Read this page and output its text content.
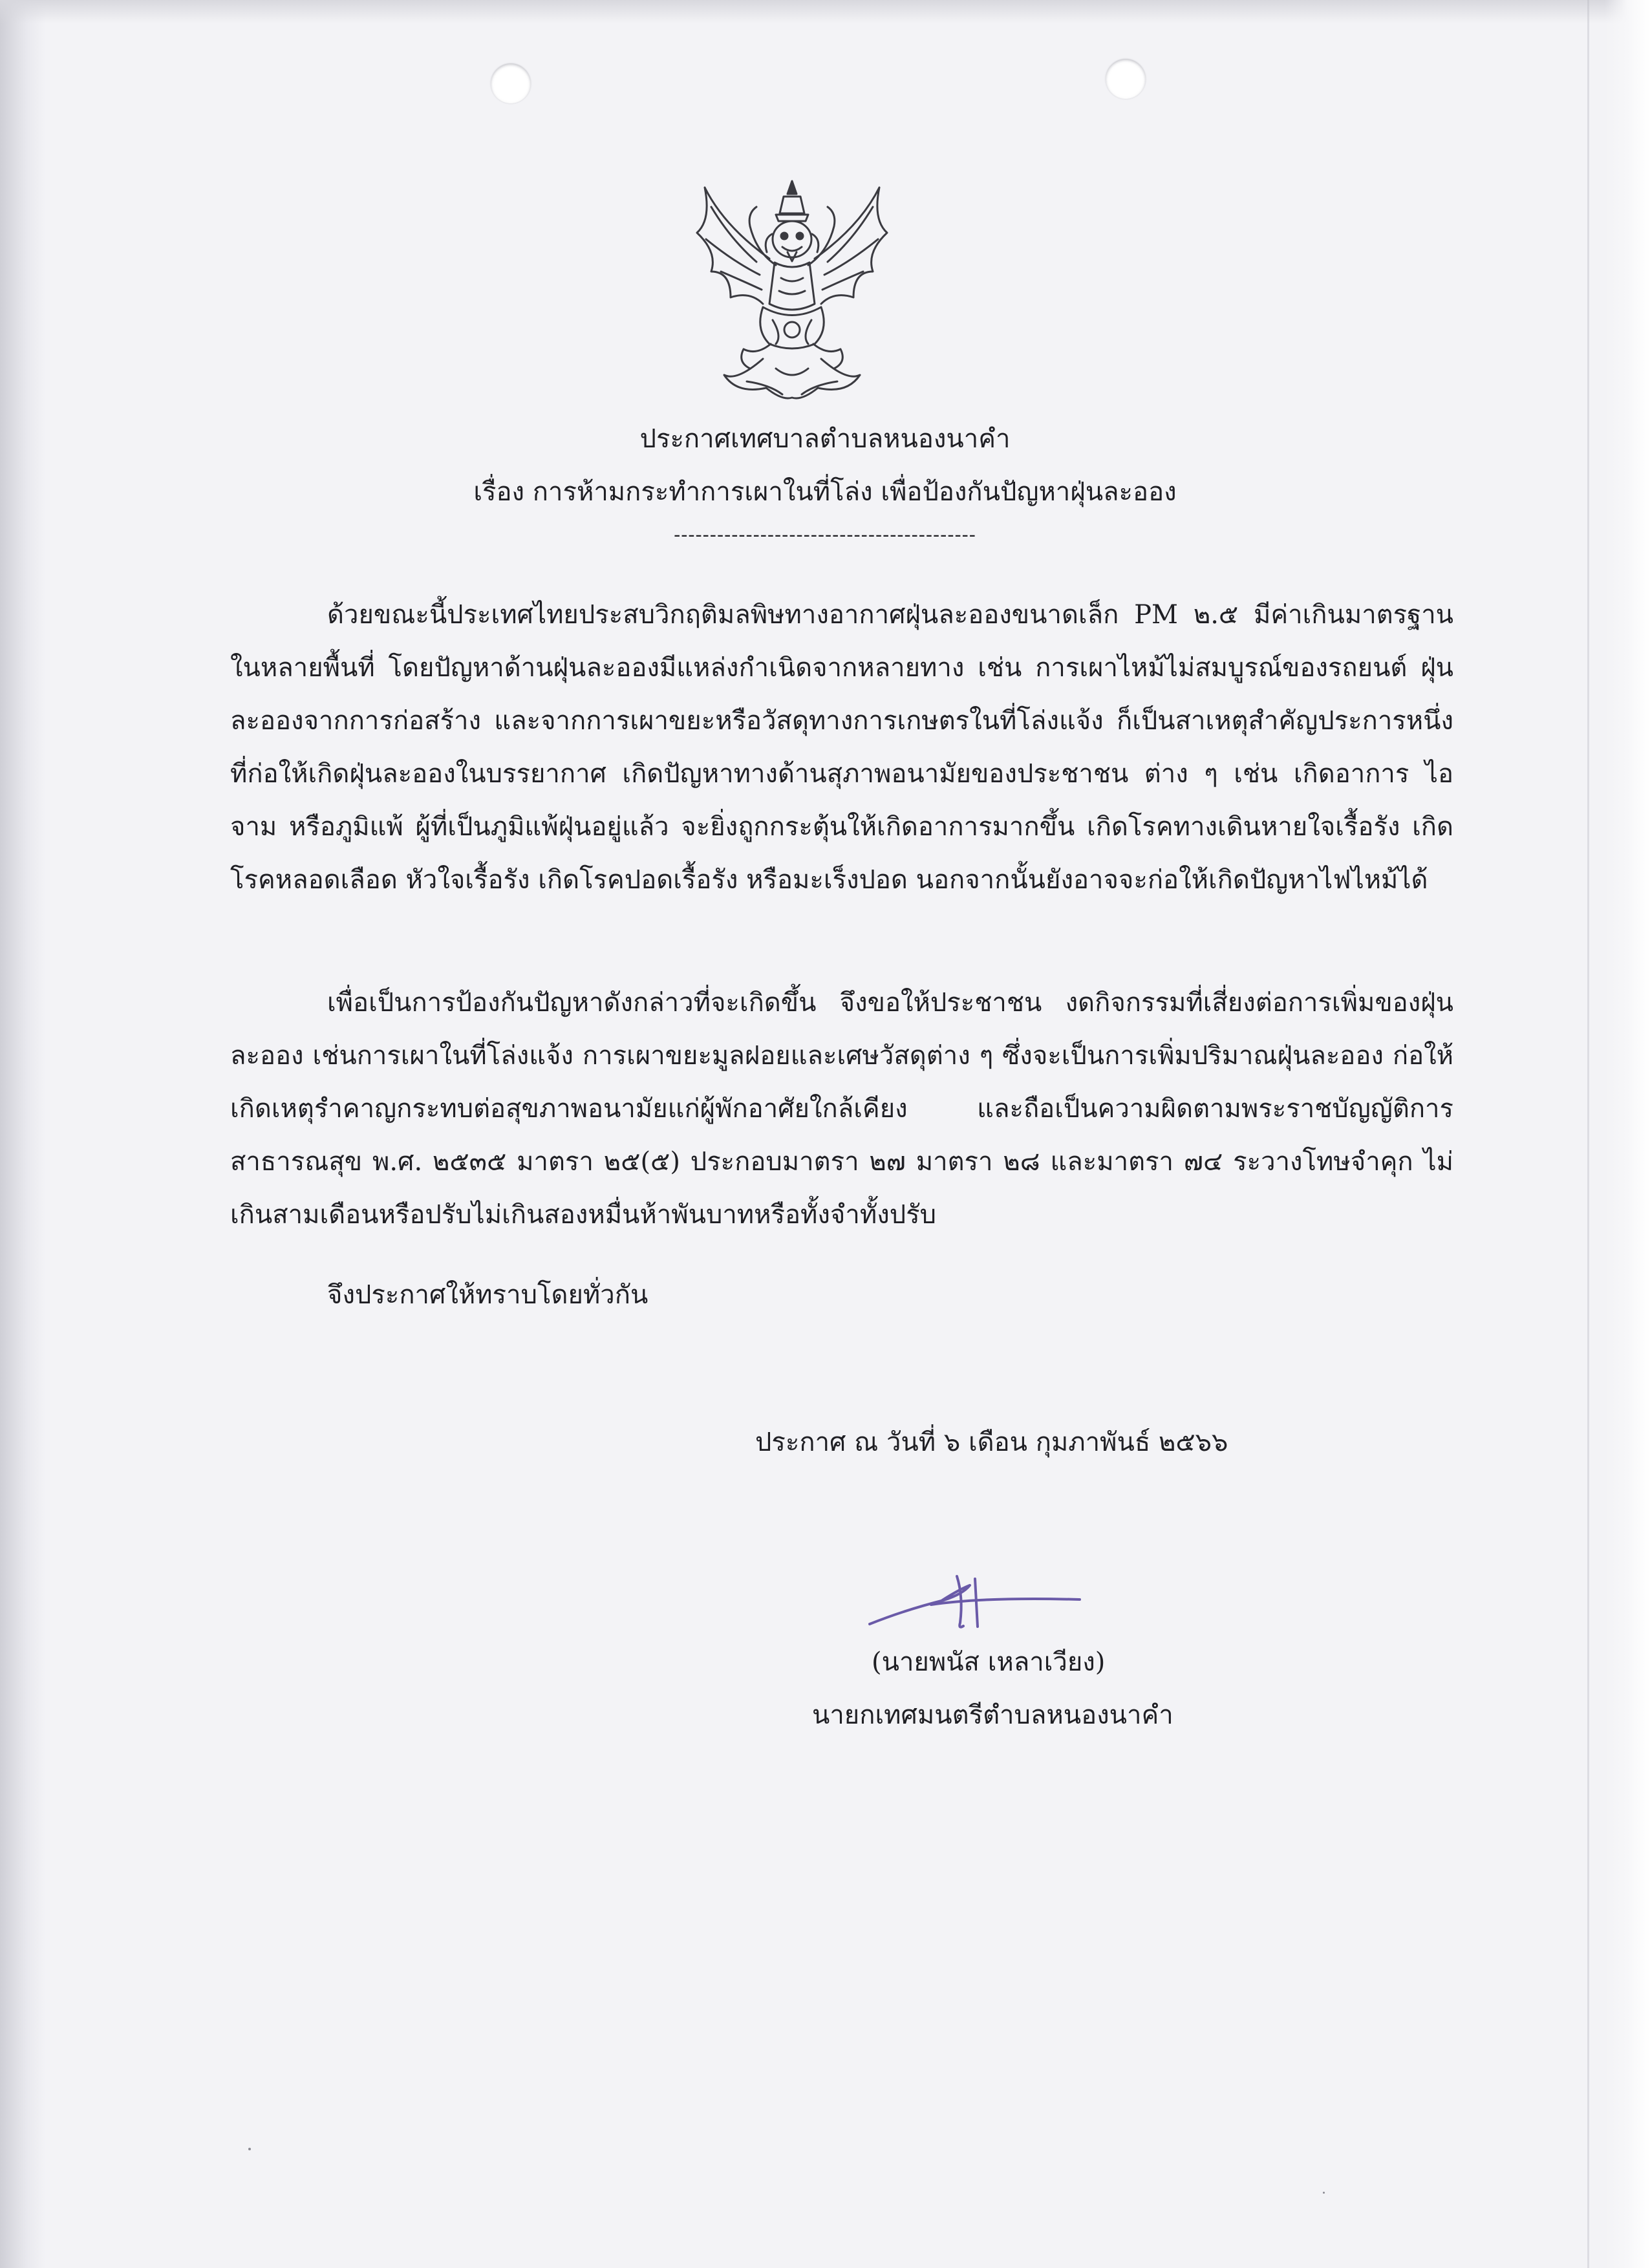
ประกาศเทศบาลตำบลหนองนาคำ
เรื่อง การห้ามกระทำการเผาในที่โล่ง เพื่อป้องกันปัญหาฝุ่นละออง
------------------------------------------
ด้วยขณะนี้ประเทศไทยประสบวิกฤติมลพิษทางอากาศฝุ่นละอองขนาดเล็ก PM ๒.๕ มีค่าเกินมาตรฐาน ในหลายพื้นที่ โดยปัญหาด้านฝุ่นละอองมีแหล่งกำเนิดจากหลายทาง เช่น การเผาไหม้ไม่สมบูรณ์ของรถยนต์ ฝุ่นละอองจากการก่อสร้าง และจากการเผาขยะหรือวัสดุทางการเกษตรในที่โล่งแจ้ง ก็เป็นสาเหตุสำคัญประการหนึ่งที่ก่อให้เกิดฝุ่นละอองในบรรยากาศ เกิดปัญหาทางด้านสุภาพอนามัยของประชาชน ต่าง ๆ เช่น เกิดอาการ ไอ จาม หรือภูมิแพ้ ผู้ที่เป็นภูมิแพ้ฝุ่นอยู่แล้ว จะยิ่งถูกกระตุ้นให้เกิดอาการมากขึ้น เกิดโรคทางเดินหายใจเรื้อรัง เกิดโรคหลอดเลือด หัวใจเรื้อรัง เกิดโรคปอดเรื้อรัง หรือมะเร็งปอด นอกจากนั้นยังอาจจะก่อให้เกิดปัญหาไฟไหม้ได้
เพื่อเป็นการป้องกันปัญหาดังกล่าวที่จะเกิดขึ้น จึงขอให้ประชาชน งดกิจกรรมที่เสี่ยงต่อการเพิ่มของฝุ่นละออง เช่นการเผาในที่โล่งแจ้ง การเผาขยะมูลฝอยและเศษวัสดุต่าง ๆ ซึ่งจะเป็นการเพิ่มปริมาณฝุ่นละออง ก่อให้เกิดเหตุรำคาญกระทบต่อสุขภาพอนามัยแก่ผู้พักอาศัยใกล้เคียง และถือเป็นความผิดตามพระราชบัญญัติการสาธารณสุข พ.ศ. ๒๕๓๕ มาตรา ๒๕(๕) ประกอบมาตรา ๒๗ มาตรา ๒๘ และมาตรา ๗๔ ระวางโทษจำคุก ไม่เกินสามเดือนหรือปรับไม่เกินสองหมื่นห้าพันบาทหรือทั้งจำทั้งปรับ
จึงประกาศให้ทราบโดยทั่วกัน
ประกาศ ณ วันที่ ๖ เดือน กุมภาพันธ์ ๒๕๖๖
(นายพนัส เหลาเวียง)
นายกเทศมนตรีตำบลหนองนาคำ
